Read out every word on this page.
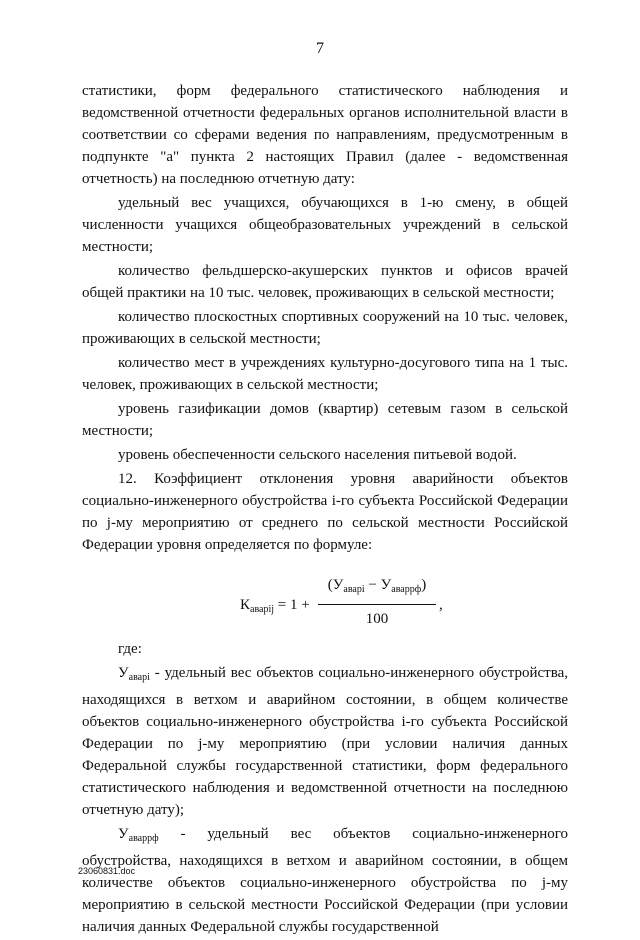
7

статистики, форм федерального статистического наблюдения и ведомственной отчетности федеральных органов исполнительной власти в соответствии со сферами ведения по направлениям, предусмотренным в подпункте "а" пункта 2 настоящих Правил (далее - ведомственная отчетность) на последнюю отчетную дату:

удельный вес учащихся, обучающихся в 1-ю смену, в общей численности учащихся общеобразовательных учреждений в сельской местности;

количество фельдшерско-акушерских пунктов и офисов врачей общей практики на 10 тыс. человек, проживающих в сельской местности;

количество плоскостных спортивных сооружений на 10 тыс. человек, проживающих в сельской местности;

количество мест в учреждениях культурно-досугового типа на 1 тыс. человек, проживающих в сельской местности;

уровень газификации домов (квартир) сетевым газом в сельской местности;

уровень обеспеченности сельского населения питьевой водой.

12. Коэффициент отклонения уровня аварийности объектов социально-инженерного обустройства i-го субъекта Российской Федерации по j-му мероприятию от среднего по сельской местности Российской Федерации уровня определяется по формуле:

$К_{аварij} = 1$ +
$(У_{аварi} - У_{аваррф})$
100
,

где:

$У_{аварi}$ - удельный вес объектов социально-инженерного обустройства, находящихся в ветхом и аварийном состоянии, в общем количестве объектов социально-инженерного обустройства i-го субъекта Российской Федерации по j-му мероприятию (при условии наличия данных Федеральной службы государственной статистики, форм федерального статистического наблюдения и ведомственной отчетности на последнюю отчетную дату);

$У_{аваррф}$ - удельный вес объектов социально-инженерного обустройства, находящихся в ветхом и аварийном состоянии, в общем количестве объектов социально-инженерного обустройства по j-му мероприятию в сельской местности Российской Федерации (при условии наличия данных Федеральной службы государственной

23060831.doc
